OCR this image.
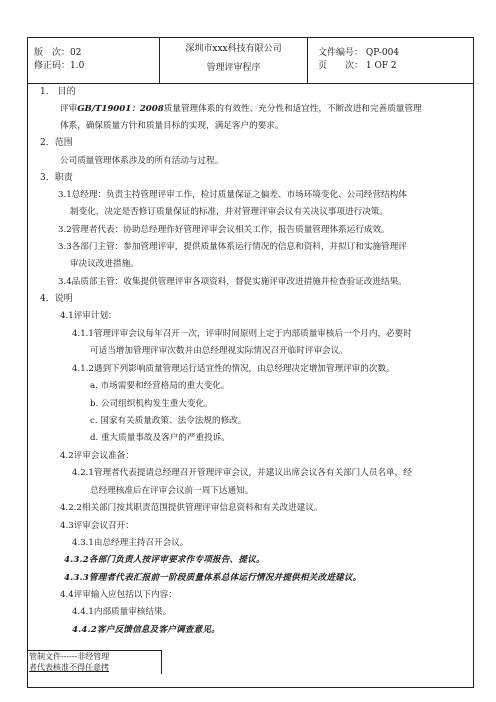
版　次：02
修正码：1.0
深圳市xxx科技有限公司
管理评审程序
文件编号： QP-004
页　　次： 1 OF 2
1． 目的
评审GB/T19001：2008质量管理体系的有效性、充分性和适宜性，不断改进和完善质量管理
体系，确保质量方针和质量目标的实现，满足客户的要求。
2．范围
公司质量管理体系涉及的所有活动与过程。
3．职责
3.1总经理：负责主持管理评审工作，检讨质量保证之偏差、市场环境变化、公司经营结构体
制变化，决定是否修订质量保证的标准，并对管理评审会议有关决议事项进行决策。
3.2管理者代表：协助总经理作好管理评审会议相关工作，报告质量管理体系运行成效。
3.3各部门主管：参加管理评审，提供质量体系运行情况的信息和资料，并拟订和实施管理评
审决议改进措施。
3.4品质部主管：收集提供管理评审各项资料，督促实施评审改进措施并检查验证改进结果。
4．说明
4.1评审计划：
4.1.1管理评审会议每年召开一次，评审时间原则上定于内部质量审核后一个月内，必要时
可适当增加管理评审次数并由总经理视实际情况召开临时评审会议。
4.1.2遇到下列影响质量管理运行适宜性的情况，由总经理决定增加管理评审的次数。
a. 市场需要和经营格局的重大变化。
b. 公司组织机构发生重大变化。
c. 国家有关质量政策、法令法规的修改。
d. 重大质量事故及客户的严重投诉。
4.2评审会议准备：
4.2.1管理者代表提请总经理召开管理评审会议，并建议出席会议各有关部门人员名单，经
总经理核准后在评审会议前一周下达通知。
4.2.2相关部门按其职责范围提供管理评审信息资料和有关改进建议。
4.3评审会议召开：
4.3.1由总经理主持召开会议。
4.3.2各部门负责人按评审要求作专项报告、提议。
4.3.3管理者代表汇报前一阶段质量体系总体运行情况并提供相关改进建议。
4.4评审输入应包括以下内容：
4.4.1内部质量审核结果。
4.4.2客户反馈信息及客户调查意见。
管制文件------非经管理
者代表核准不得任意拷
